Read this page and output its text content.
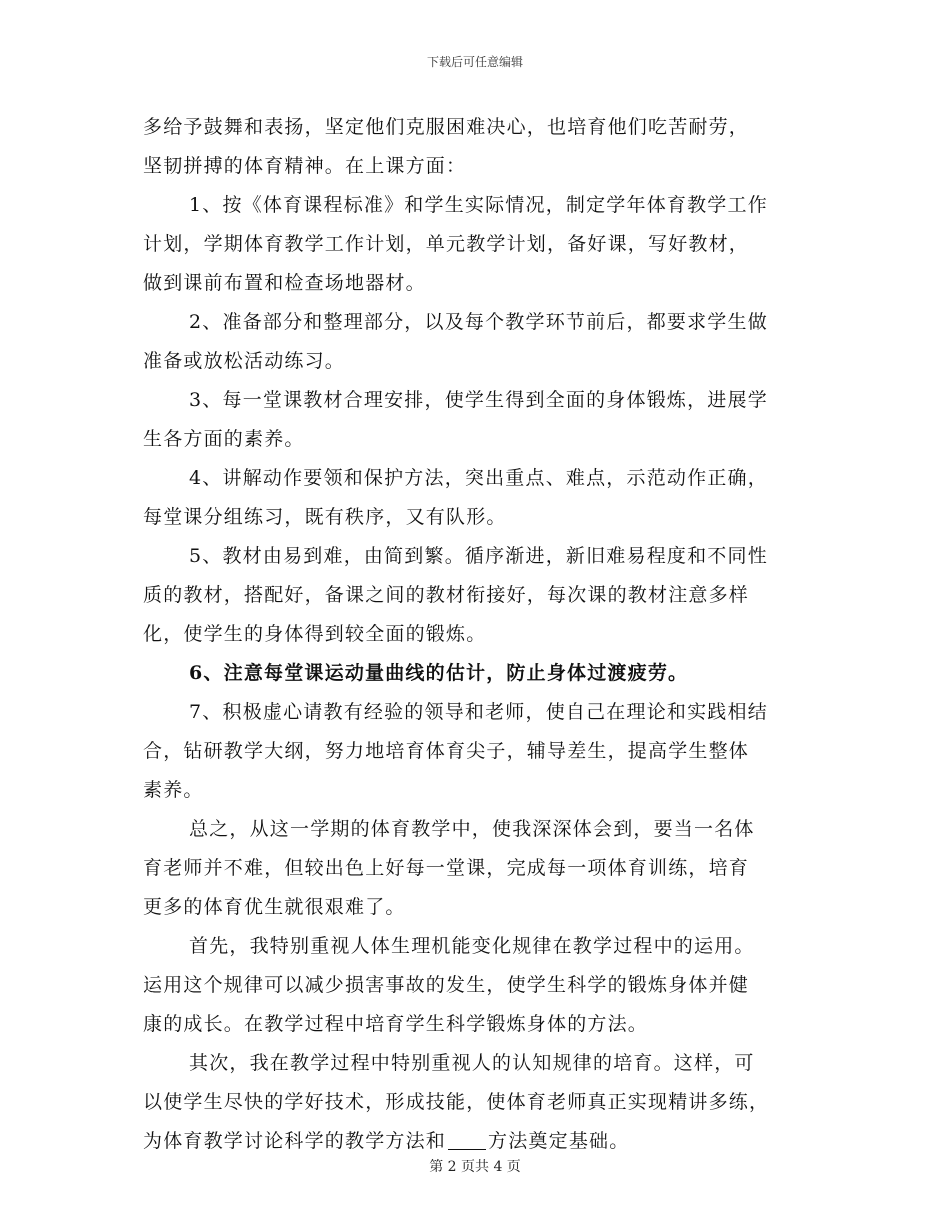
下载后可任意编辑
多给予鼓舞和表扬，坚定他们克服困难决心，也培育他们吃苦耐劳，
坚韧拼搏的体育精神。在上课方面：
1、按《体育课程标准》和学生实际情况，制定学年体育教学工作
计划，学期体育教学工作计划，单元教学计划，备好课，写好教材，
做到课前布置和检查场地器材。
2、准备部分和整理部分，以及每个教学环节前后，都要求学生做
准备或放松活动练习。
3、每一堂课教材合理安排，使学生得到全面的身体锻炼，进展学
生各方面的素养。
4、讲解动作要领和保护方法，突出重点、难点，示范动作正确，
每堂课分组练习，既有秩序，又有队形。
5、教材由易到难，由简到繁。循序渐进，新旧难易程度和不同性
质的教材，搭配好，备课之间的教材衔接好，每次课的教材注意多样
化，使学生的身体得到较全面的锻炼。
6、注意每堂课运动量曲线的估计，防止身体过渡疲劳。
7、积极虚心请教有经验的领导和老师，使自己在理论和实践相结
合，钻研教学大纲，努力地培育体育尖子，辅导差生，提高学生整体
素养。
总之，从这一学期的体育教学中，使我深深体会到，要当一名体
育老师并不难，但较出色上好每一堂课，完成每一项体育训练，培育
更多的体育优生就很艰难了。
首先，我特别重视人体生理机能变化规律在教学过程中的运用。
运用这个规律可以减少损害事故的发生，使学生科学的锻炼身体并健
康的成长。在教学过程中培育学生科学锻炼身体的方法。
其次，我在教学过程中特别重视人的认知规律的培育。这样，可
以使学生尽快的学好技术，形成技能，使体育老师真正实现精讲多练，
为体育教学讨论科学的教学方法和 方法奠定基础。
第 2 页共 4 页
